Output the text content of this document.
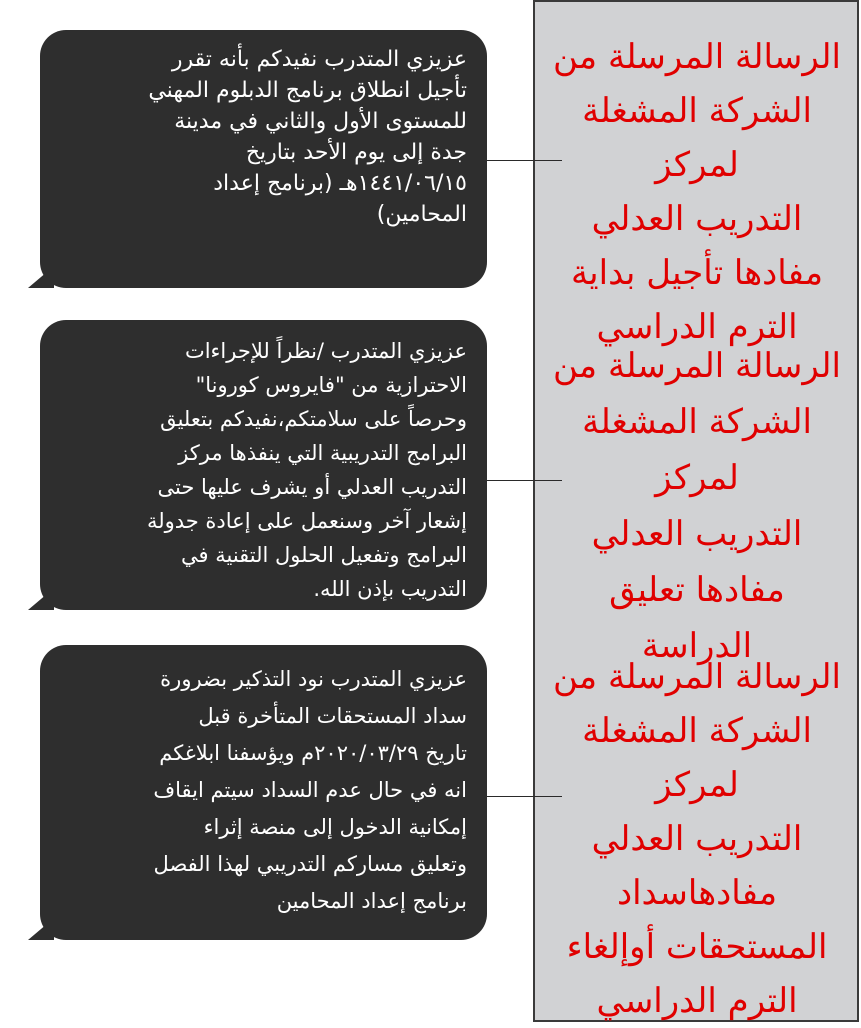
عزيزي المتدرب نفيدكم بأنه تقرر
تأجيل انطلاق برنامج الدبلوم المهني
للمستوى الأول والثاني في مدينة
جدة إلى يوم الأحد بتاريخ
١٤٤١/٠٦/١٥هـ (برنامج إعداد
المحامين)
الرسالة المرسلة من
الشركة المشغلة لمركز
التدريب العدلي
مفادها تأجيل بداية
الترم الدراسي
عزيزي المتدرب /نظراً للإجراءات
الاحترازية من "فايروس كورونا"
وحرصاً على سلامتكم،نفيدكم بتعليق
البرامج التدريبية التي ينفذها مركز
التدريب العدلي أو يشرف عليها حتى
إشعار آخر وسنعمل على إعادة جدولة
البرامج وتفعيل الحلول التقنية في
التدريب بإذن الله.
الرسالة المرسلة من
الشركة المشغلة لمركز
التدريب العدلي
مفادها تعليق
الدراسة
عزيزي المتدرب نود التذكير بضرورة
سداد المستحقات المتأخرة قبل
تاريخ ٢٠٢٠/٠٣/٢٩م ويؤسفنا ابلاغكم
انه في حال عدم السداد سيتم ايقاف
إمكانية الدخول إلى منصة إثراء
وتعليق مساركم التدريبي لهذا الفصل
برنامج إعداد المحامين
الرسالة المرسلة من
الشركة المشغلة لمركز
التدريب العدلي
مفادهاسداد
المستحقات أوإلغاء
الترم الدراسي
